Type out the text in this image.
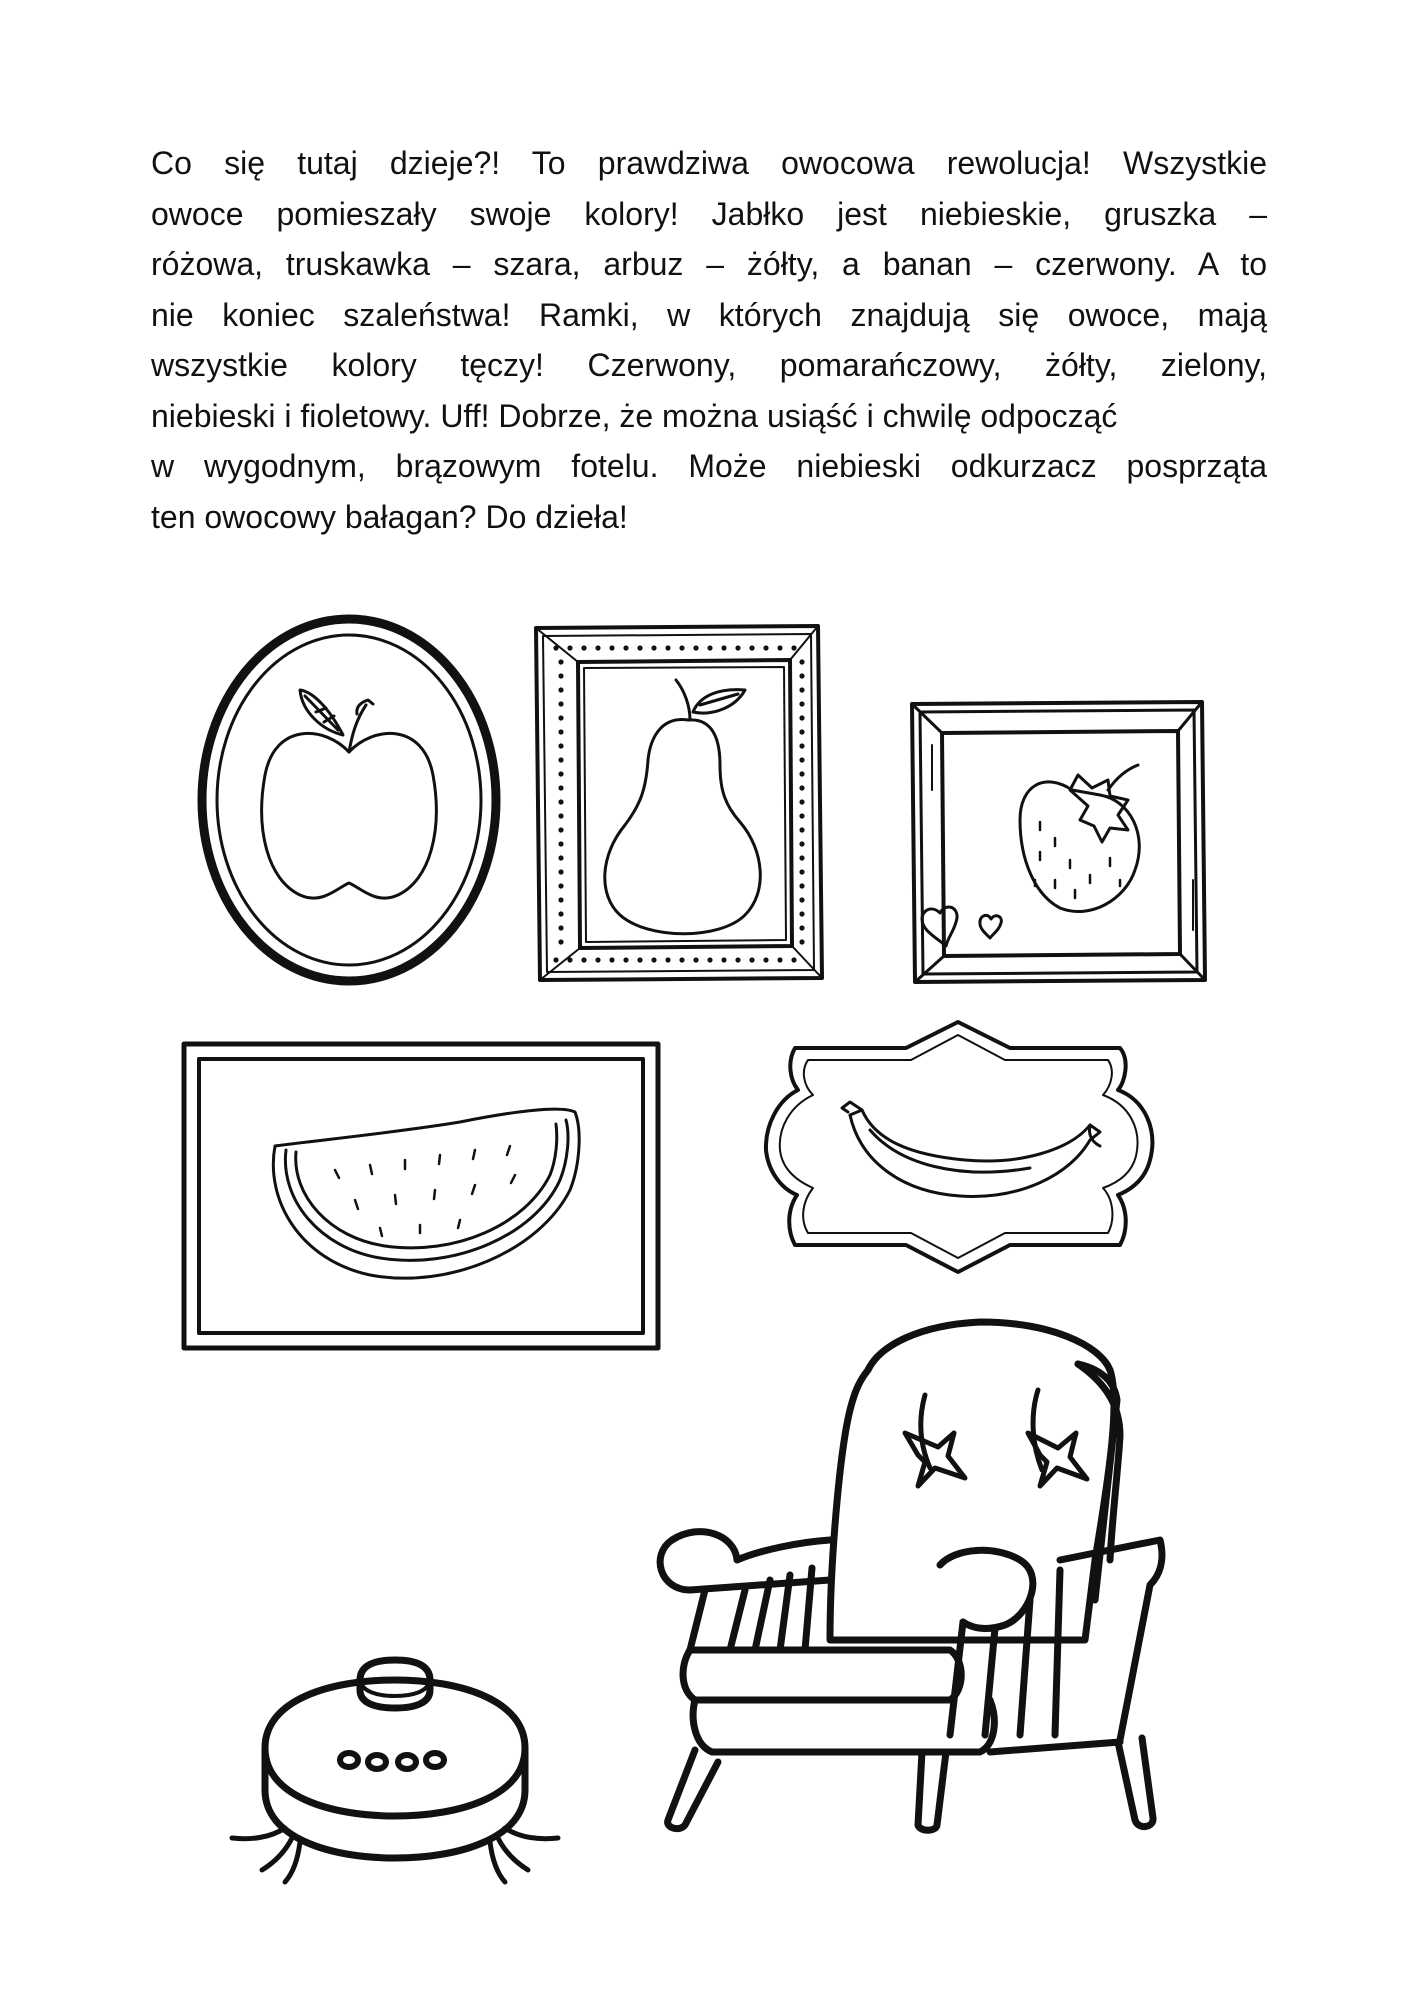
Co się tutaj dzieje?! To prawdziwa owocowa rewolucja! Wszystkie
owoce pomieszały swoje kolory! Jabłko jest niebieskie, gruszka –
różowa, truskawka – szara, arbuz – żółty, a banan – czerwony. A to
nie koniec szaleństwa! Ramki, w których znajdują się owoce, mają
wszystkie kolory tęczy! Czerwony, pomarańczowy, żółty, zielony,
niebieski i fioletowy. Uff! Dobrze, że można usiąść i chwilę odpocząć
w wygodnym, brązowym fotelu. Może niebieski odkurzacz posprząta
ten owocowy bałagan? Do dzieła!
